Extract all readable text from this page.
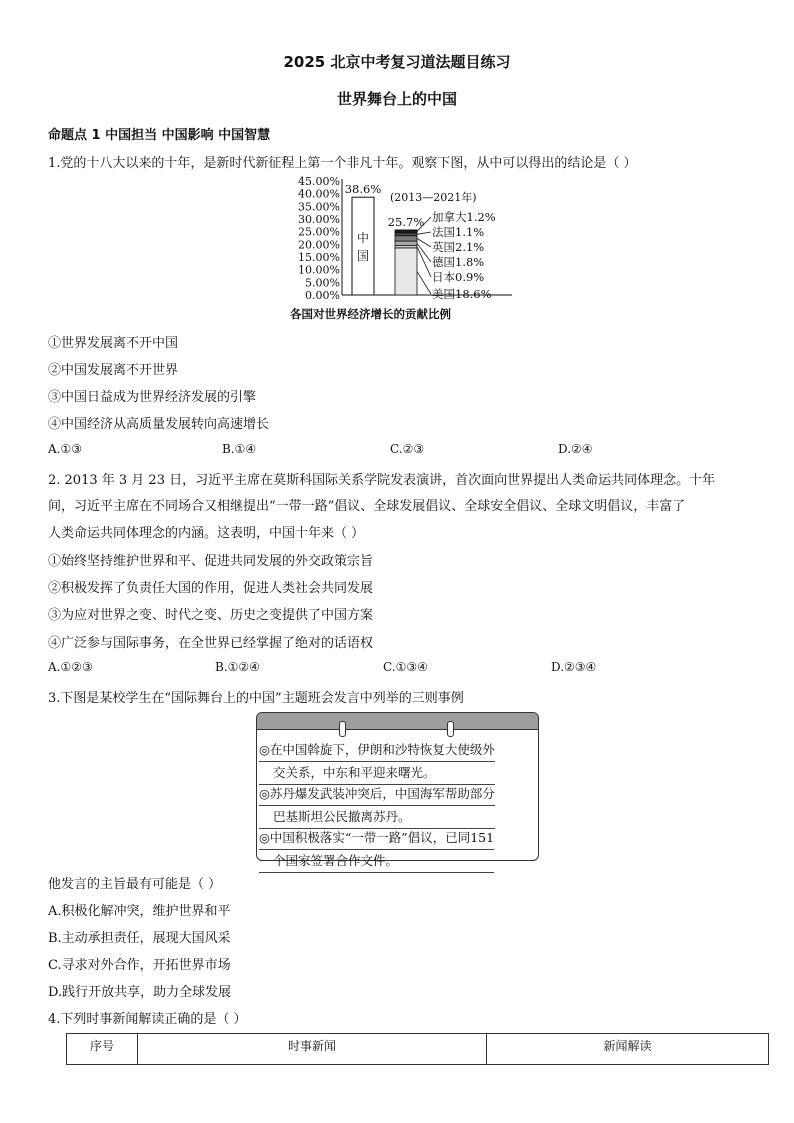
2025 北京中考复习道法题目练习
世界舞台上的中国
命题点 1 中国担当 中国影响 中国智慧
1.党的十八大以来的十年，是新时代新征程上第一个非凡十年。观察下图，从中可以得出的结论是（ ）
45.00%
40.00%
35.00%
30.00%
25.00%
20.00%
15.00%
10.00%
5.00%
0.00%
38.6%
中
国
25.7%
(2013—2021年)
加拿大1.2%
法国1.1%
英国2.1%
德国1.8%
日本0.9%
美国18.6%
各国对世界经济增长的贡献比例
①世界发展离不开中国
②中国发展离不开世界
③中国日益成为世界经济发展的引擎
④中国经济从高质量发展转向高速增长
A.①③	B.①④	C.②③	D.②④
2. 2013 年 3 月 23 日，习近平主席在莫斯科国际关系学院发表演讲，首次面向世界提出人类命运共同体理念。十年
间，习近平主席在不同场合又相继提出“一带一路”倡议、全球发展倡议、全球安全倡议、全球文明倡议，丰富了
人类命运共同体理念的内涵。这表明，中国十年来（ ）
①始终坚持维护世界和平、促进共同发展的外交政策宗旨
②积极发挥了负责任大国的作用，促进人类社会共同发展
③为应对世界之变、时代之变、历史之变提供了中国方案
④广泛参与国际事务，在全世界已经掌握了绝对的话语权
A.①②③	B.①②④	C.①③④	D.②③④
3.下图是某校学生在“国际舞台上的中国”主题班会发言中列举的三则事例
◎在中国斡旋下，伊朗和沙特恢复大使级外
交关系，中东和平迎来曙光。
◎苏丹爆发武装冲突后，中国海军帮助部分
巴基斯坦公民撤离苏丹。
◎中国积极落实“一带一路”倡议，已同151
个国家签署合作文件。
他发言的主旨最有可能是（ ）
A.积极化解冲突，维护世界和平
B.主动承担责任，展现大国风采
C.寻求对外合作，开拓世界市场
D.践行开放共享，助力全球发展
4.下列时事新闻解读正确的是（ ）
序号	时事新闻	新闻解读
